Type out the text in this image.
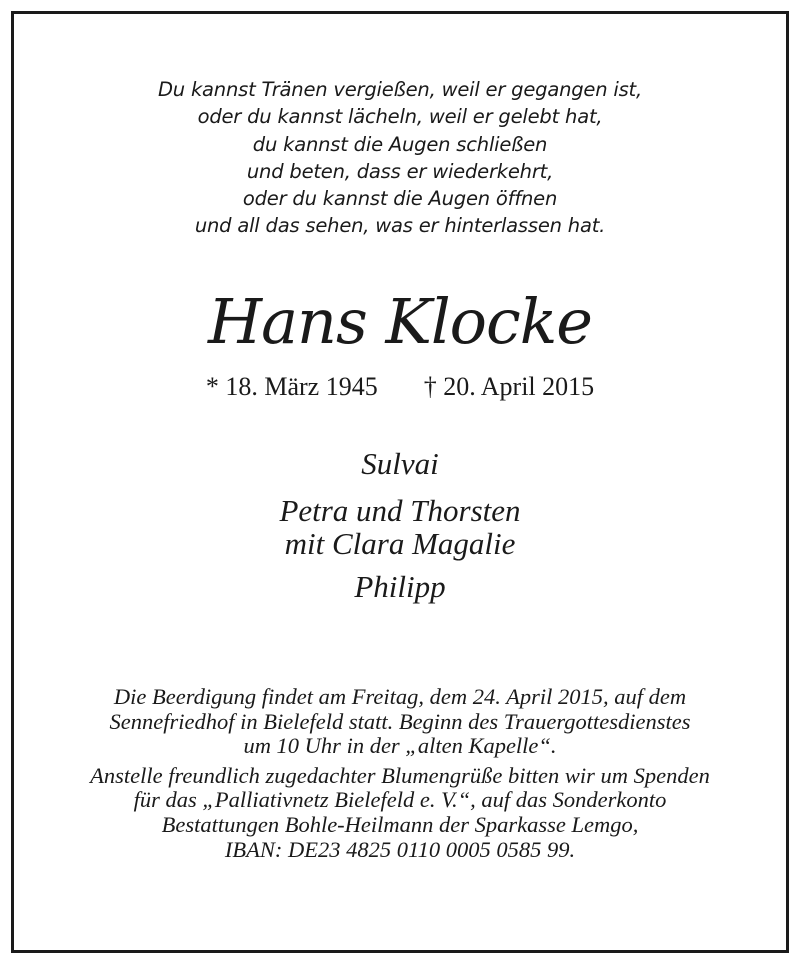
Du kannst Tränen vergießen, weil er gegangen ist,
oder du kannst lächeln, weil er gelebt hat,
du kannst die Augen schließen
und beten, dass er wiederkehrt,
oder du kannst die Augen öffnen
und all das sehen, was er hinterlassen hat.
Hans Klocke
* 18. März 1945 † 20. April 2015
Sulvai
Petra und Thorsten
mit Clara Magalie
Philipp
Die Beerdigung findet am Freitag, dem 24. April 2015, auf dem
Sennefriedhof in Bielefeld statt. Beginn des Trauergottesdienstes
um 10 Uhr in der „alten Kapelle“.
Anstelle freundlich zugedachter Blumengrüße bitten wir um Spenden
für das „Palliativnetz Bielefeld e. V.“, auf das Sonderkonto
Bestattungen Bohle-Heilmann der Sparkasse Lemgo,
IBAN: DE23 4825 0110 0005 0585 99.
